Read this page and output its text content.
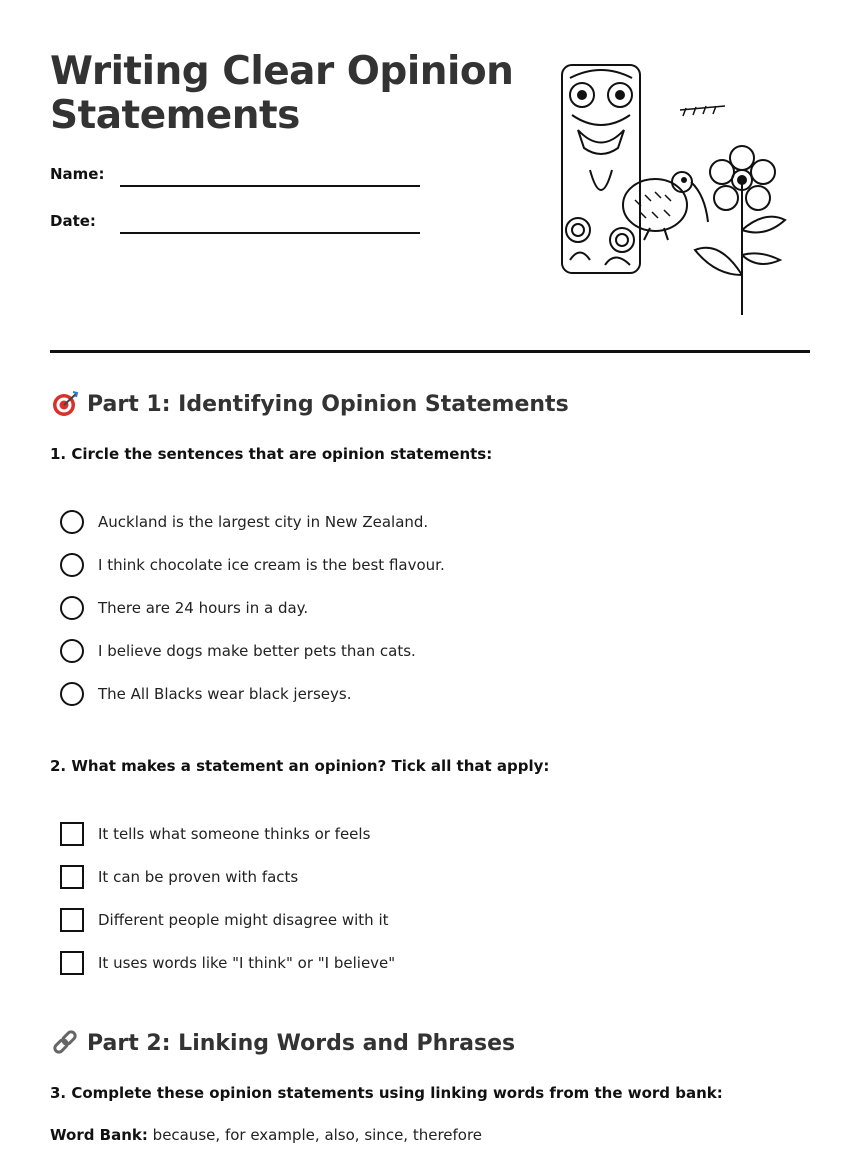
Writing Clear Opinion Statements
Name:
Date:
Part 1: Identifying Opinion Statements
1. Circle the sentences that are opinion statements:
Auckland is the largest city in New Zealand.
I think chocolate ice cream is the best flavour.
There are 24 hours in a day.
I believe dogs make better pets than cats.
The All Blacks wear black jerseys.
2. What makes a statement an opinion? Tick all that apply:
It tells what someone thinks or feels
It can be proven with facts
Different people might disagree with it
It uses words like "I think" or "I believe"
Part 2: Linking Words and Phrases
3. Complete these opinion statements using linking words from the word bank:
Word Bank: because, for example, also, since, therefore
